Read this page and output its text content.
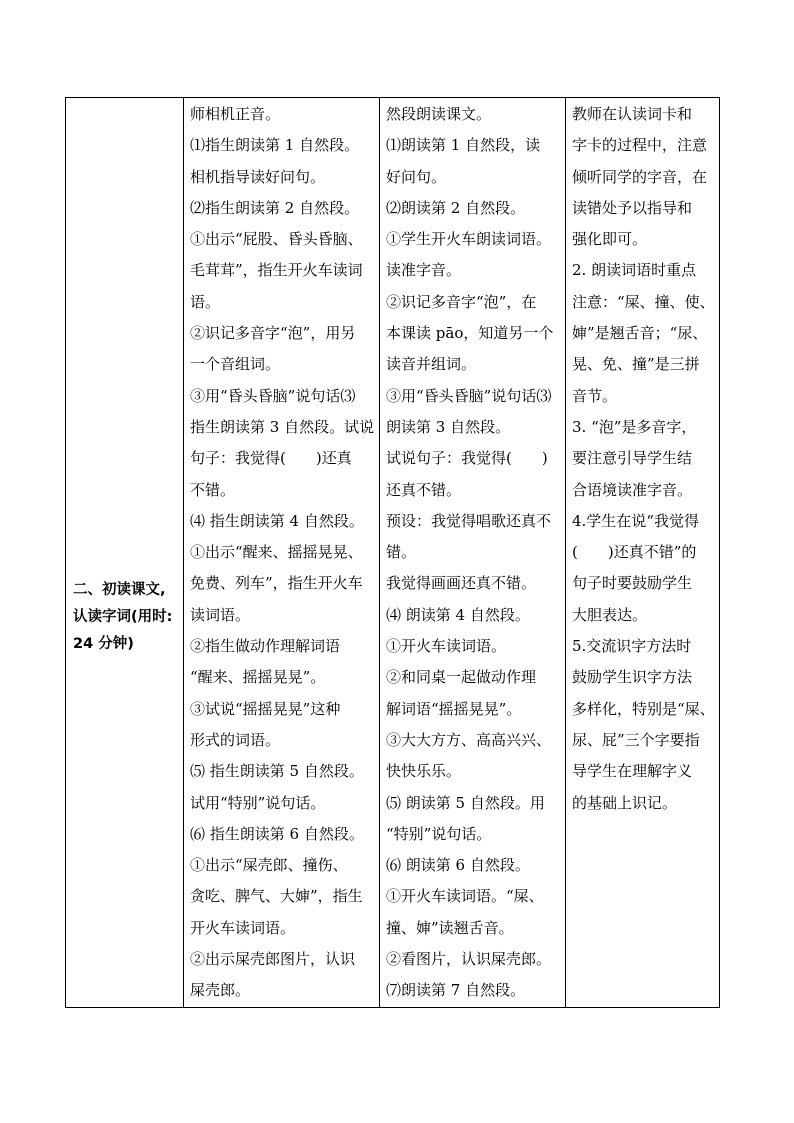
二、初读课文,
认读字词(用时:
24 分钟)

师相机正音。
⑴指生朗读第 1 自然段。
相机指导读好问句。
⑵指生朗读第 2 自然段。
①出示“屁股、昏头昏脑、
毛茸茸”，指生开火车读词
语。
②识记多音字“泡”，用另
一个音组词。
③用“昏头昏脑”说句话⑶
指生朗读第 3 自然段。试说
句子：我觉得(　　)还真
不错。
⑷ 指生朗读第 4 自然段。
①出示“醒来、摇摇晃晃、
免费、列车”，指生开火车
读词语。
②指生做动作理解词语
“醒来、摇摇晃晃”。
③试说“摇摇晃晃”这种
形式的词语。
⑸ 指生朗读第 5 自然段。
试用“特别”说句话。
⑹ 指生朗读第 6 自然段。
①出示“屎壳郎、撞伤、
贪吃、脾气、大婶”，指生
开火车读词语。
②出示屎壳郎图片，认识
屎壳郎。

然段朗读课文。
⑴朗读第 1 自然段，读
好问句。
⑵朗读第 2 自然段。
①学生开火车朗读词语。
读准字音。
②识记多音字“泡”，在
本课读 pāo，知道另一个
读音并组词。
③用“昏头昏脑”说句话⑶
朗读第 3 自然段。
试说句子：我觉得(　　)
还真不错。
预设：我觉得唱歌还真不
错。
我觉得画画还真不错。
⑷ 朗读第 4 自然段。
①开火车读词语。
②和同桌一起做动作理
解词语“摇摇晃晃”。
③大大方方、高高兴兴、
快快乐乐。
⑸ 朗读第 5 自然段。用
“特别”说句话。
⑹ 朗读第 6 自然段。
①开火车读词语。“屎、
撞、婶”读翘舌音。
②看图片，认识屎壳郎。
⑺朗读第 7 自然段。

教师在认读词卡和
字卡的过程中，注意
倾听同学的字音，在
读错处予以指导和
强化即可。
2. 朗读词语时重点
注意：“屎、撞、使、
婶”是翘舌音；“尿、
晃、免、撞”是三拼
音节。
3. “泡”是多音字，
要注意引导学生结
合语境读准字音。
4.学生在说“我觉得
(　　)还真不错”的
句子时要鼓励学生
大胆表达。
5.交流识字方法时
鼓励学生识字方法
多样化，特别是“屎、
尿、屁”三个字要指
导学生在理解字义
的基础上识记。
